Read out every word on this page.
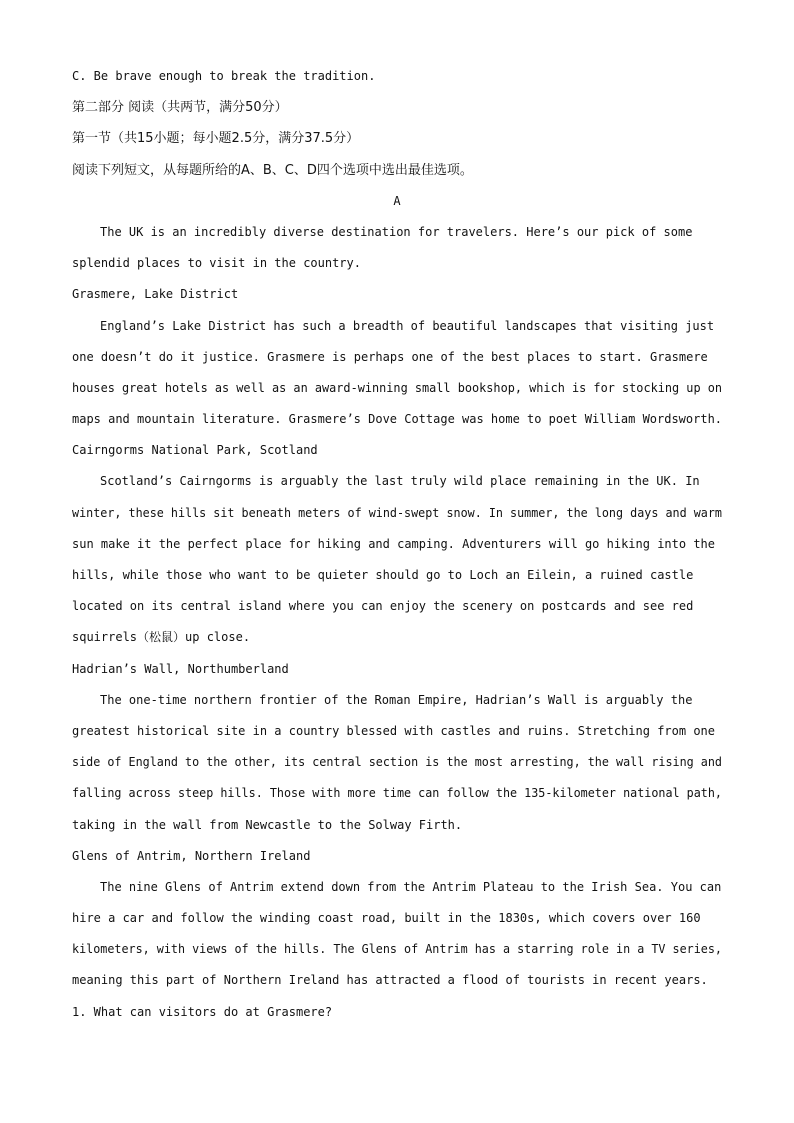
C. Be brave enough to break the tradition.
第二部分 阅读（共两节，满分50分）
第一节（共15小题；每小题2.5分，满分37.5分）
阅读下列短文，从每题所给的A、B、C、D四个选项中选出最佳选项。
A
The UK is an incredibly diverse destination for travelers. Here’s our pick of some
splendid places to visit in the country.
Grasmere, Lake District
England’s Lake District has such a breadth of beautiful landscapes that visiting just
one doesn’t do it justice. Grasmere is perhaps one of the best places to start. Grasmere
houses great hotels as well as an award-winning small bookshop, which is for stocking up on
maps and mountain literature. Grasmere’s Dove Cottage was home to poet William Wordsworth.
Cairngorms National Park, Scotland
Scotland’s Cairngorms is arguably the last truly wild place remaining in the UK. In
winter, these hills sit beneath meters of wind-swept snow. In summer, the long days and warm
sun make it the perfect place for hiking and camping. Adventurers will go hiking into the
hills, while those who want to be quieter should go to Loch an Eilein, a ruined castle
located on its central island where you can enjoy the scenery on postcards and see red
squirrels（松鼠）up close.
Hadrian’s Wall, Northumberland
The one-time northern frontier of the Roman Empire, Hadrian’s Wall is arguably the
greatest historical site in a country blessed with castles and ruins. Stretching from one
side of England to the other, its central section is the most arresting, the wall rising and
falling across steep hills. Those with more time can follow the 135-kilometer national path,
taking in the wall from Newcastle to the Solway Firth.
Glens of Antrim, Northern Ireland
The nine Glens of Antrim extend down from the Antrim Plateau to the Irish Sea. You can
hire a car and follow the winding coast road, built in the 1830s, which covers over 160
kilometers, with views of the hills. The Glens of Antrim has a starring role in a TV series,
meaning this part of Northern Ireland has attracted a flood of tourists in recent years.
1. What can visitors do at Grasmere?
